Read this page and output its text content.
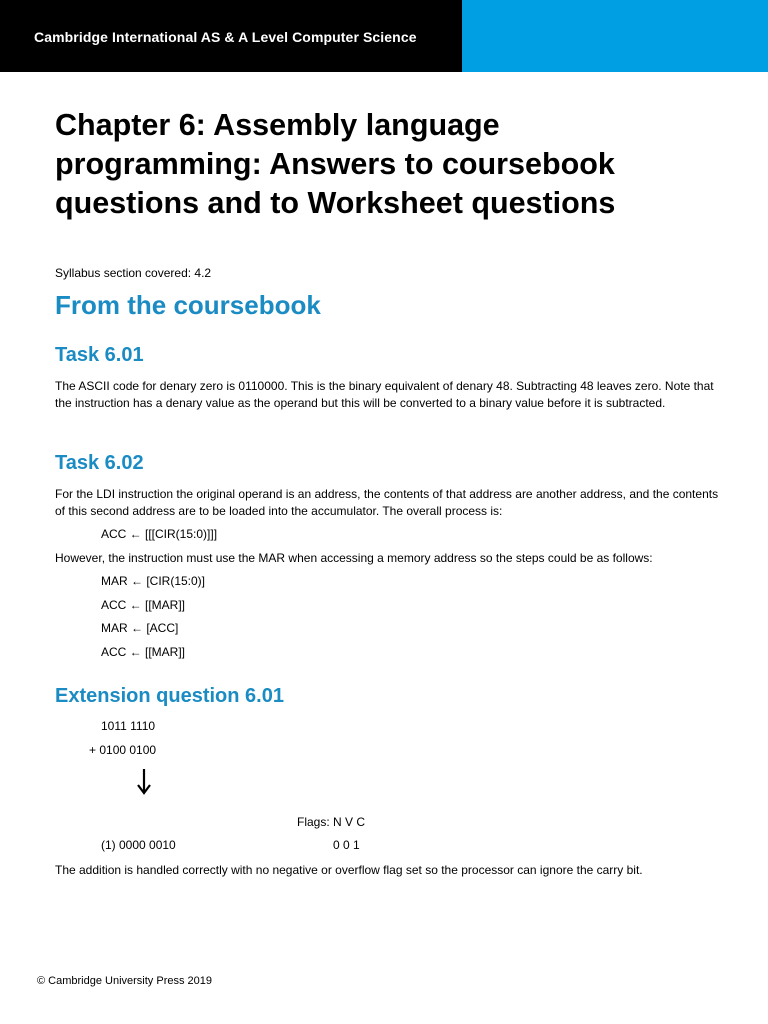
Cambridge International AS & A Level Computer Science
Chapter 6: Assembly language
programming: Answers to coursebook
questions and to Worksheet questions
Syllabus section covered: 4.2
From the coursebook
Task 6.01
The ASCII code for denary zero is 0110000. This is the binary equivalent of denary 48. Subtracting 48 leaves zero. Note that the instruction has a denary value as the operand but this will be converted to a binary value before it is subtracted.
Task 6.02
For the LDI instruction the original operand is an address, the contents of that address are another address, and the contents of this second address are to be loaded into the accumulator. The overall process is:
ACC ← [[[CIR(15:0)]]]
However, the instruction must use the MAR when accessing a memory address so the steps could be as follows:
MAR ← [CIR(15:0)]
ACC ← [[MAR]]
MAR ← [ACC]
ACC ← [[MAR]]
Extension question 6.01
1011 1110
+ 0100 0100
Flags: N V C
(1) 0000 0010	0 0 1
The addition is handled correctly with no negative or overflow flag set so the processor can ignore the carry bit.
© Cambridge University Press 2019
